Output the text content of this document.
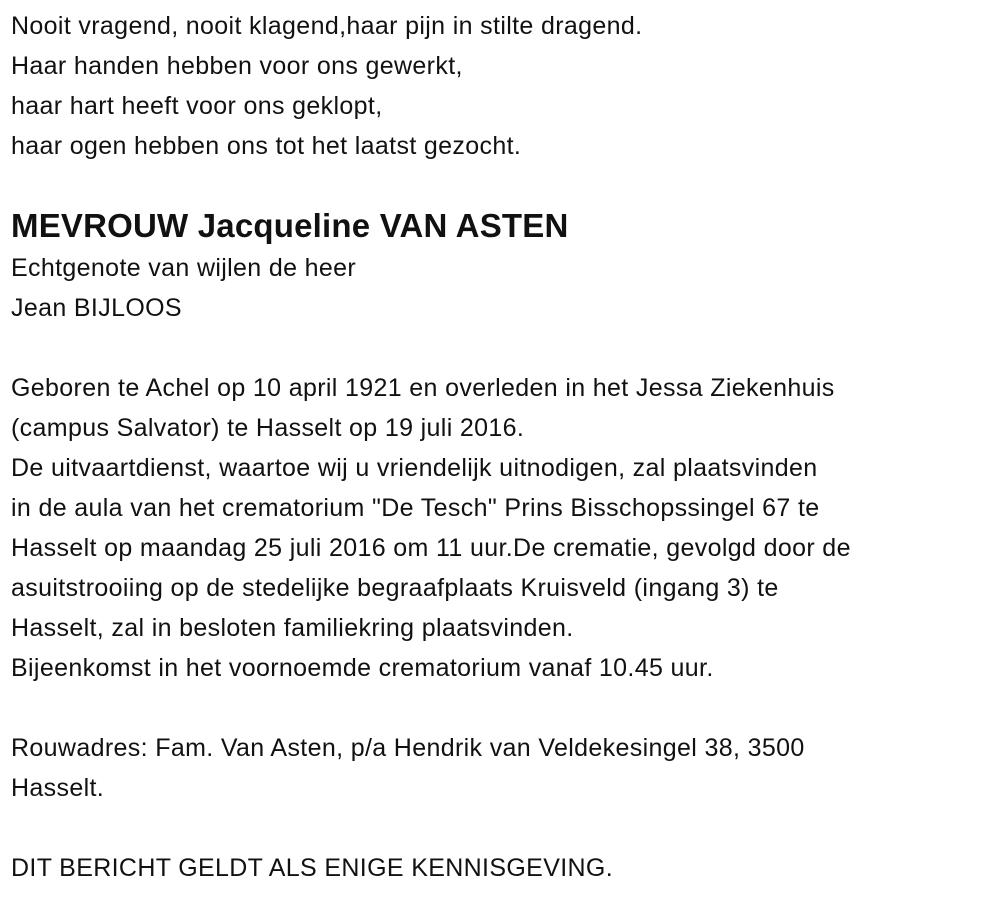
Nooit vragend, nooit klagend,haar pijn in stilte dragend.
Haar handen hebben voor ons gewerkt,
haar hart heeft voor ons geklopt,
haar ogen hebben ons tot het laatst gezocht.
MEVROUW Jacqueline VAN ASTEN
Echtgenote van wijlen de heer
Jean BIJLOOS
Geboren te Achel op 10 april 1921 en overleden in het Jessa Ziekenhuis
(campus Salvator) te Hasselt op 19 juli 2016.
De uitvaartdienst, waartoe wij u vriendelijk uitnodigen, zal plaatsvinden
in de aula van het crematorium "De Tesch" Prins Bisschopssingel 67 te
Hasselt op maandag 25 juli 2016 om 11 uur.De crematie, gevolgd door de
asuitstrooiing op de stedelijke begraafplaats Kruisveld (ingang 3) te
Hasselt, zal in besloten familiekring plaatsvinden.
Bijeenkomst in het voornoemde crematorium vanaf 10.45 uur.
Rouwadres: Fam. Van Asten, p/a Hendrik van Veldekesingel 38, 3500
Hasselt.
DIT BERICHT GELDT ALS ENIGE KENNISGEVING.
